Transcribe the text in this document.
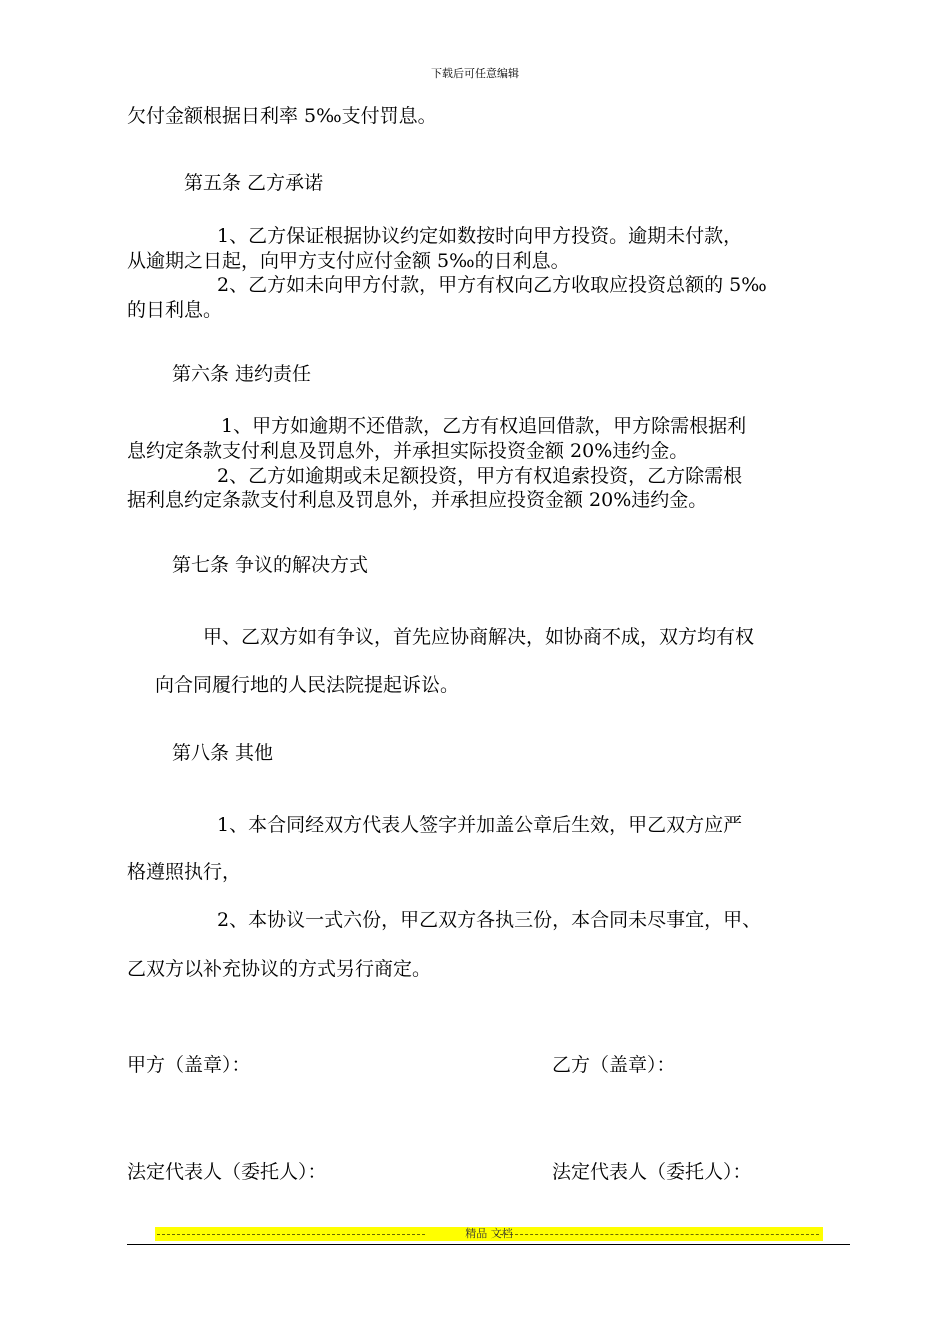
下载后可任意编辑
欠付金额根据日利率 5‰支付罚息。
第五条 乙方承诺
1、乙方保证根据协议约定如数按时向甲方投资。逾期未付款，
从逾期之日起，向甲方支付应付金额 5‰的日利息。
2、乙方如未向甲方付款，甲方有权向乙方收取应投资总额的 5‰
的日利息。
第六条 违约责任
1、甲方如逾期不还借款，乙方有权追回借款，甲方除需根据利
息约定条款支付利息及罚息外，并承担实际投资金额 20%违约金。
2、乙方如逾期或未足额投资，甲方有权追索投资，乙方除需根
据利息约定条款支付利息及罚息外，并承担应投资金额 20%违约金。
第七条 争议的解决方式
甲、乙双方如有争议，首先应协商解决，如协商不成，双方均有权
向合同履行地的人民法院提起诉讼。
第八条 其他
1、本合同经双方代表人签字并加盖公章后生效，甲乙双方应严
格遵照执行，
2、本协议一式六份，甲乙双方各执三份，本合同未尽事宜，甲、
乙双方以补充协议的方式另行商定。
甲方（盖章）：	乙方（盖章）：
法定代表人（委托人）：	法定代表人（委托人）：
精品 文档
